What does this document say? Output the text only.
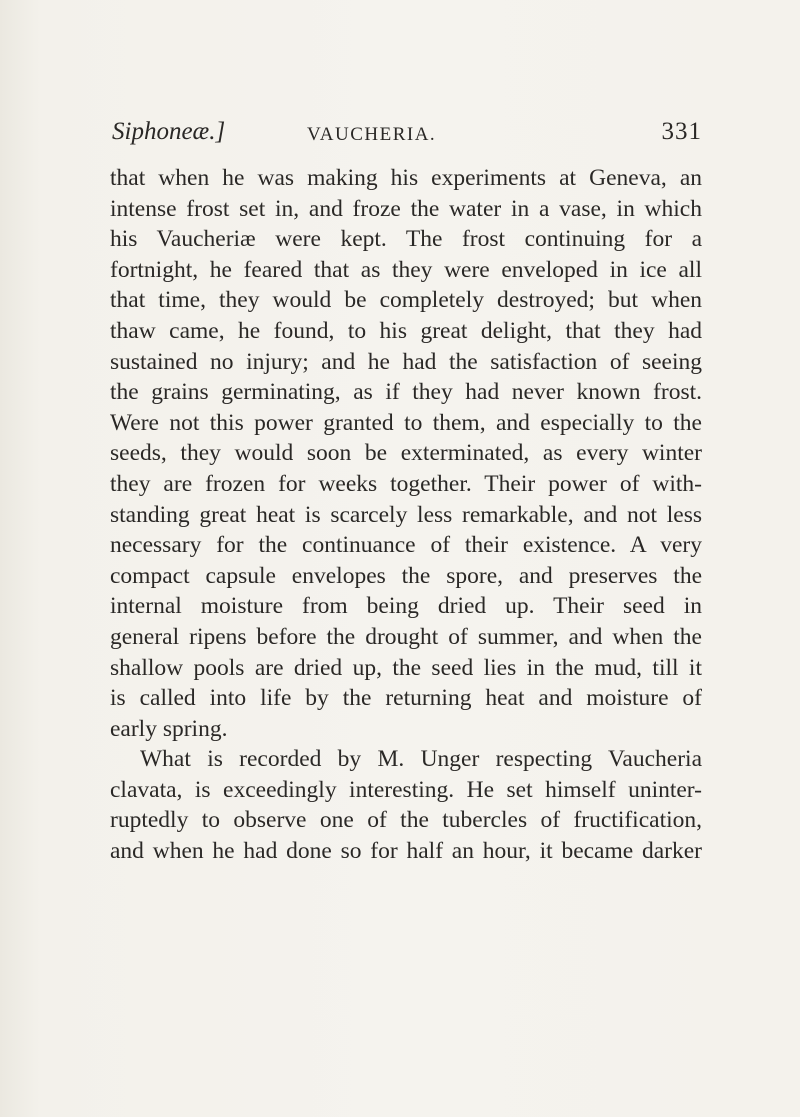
Siphoneæ.]	VAUCHERIA.	331
that when he was making his experiments at Geneva, an
intense frost set in, and froze the water in a vase, in which
his Vaucheriæ were kept. The frost continuing for a
fortnight, he feared that as they were enveloped in ice all
that time, they would be completely destroyed; but when
thaw came, he found, to his great delight, that they had
sustained no injury; and he had the satisfaction of seeing
the grains germinating, as if they had never known frost.
Were not this power granted to them, and especially to the
seeds, they would soon be exterminated, as every winter
they are frozen for weeks together. Their power of with-
standing great heat is scarcely less remarkable, and not less
necessary for the continuance of their existence. A very
compact capsule envelopes the spore, and preserves the
internal moisture from being dried up. Their seed in
general ripens before the drought of summer, and when the
shallow pools are dried up, the seed lies in the mud, till it
is called into life by the returning heat and moisture of
early spring.
What is recorded by M. Unger respecting Vaucheria
clavata, is exceedingly interesting. He set himself uninter-
ruptedly to observe one of the tubercles of fructification,
and when he had done so for half an hour, it became darker
